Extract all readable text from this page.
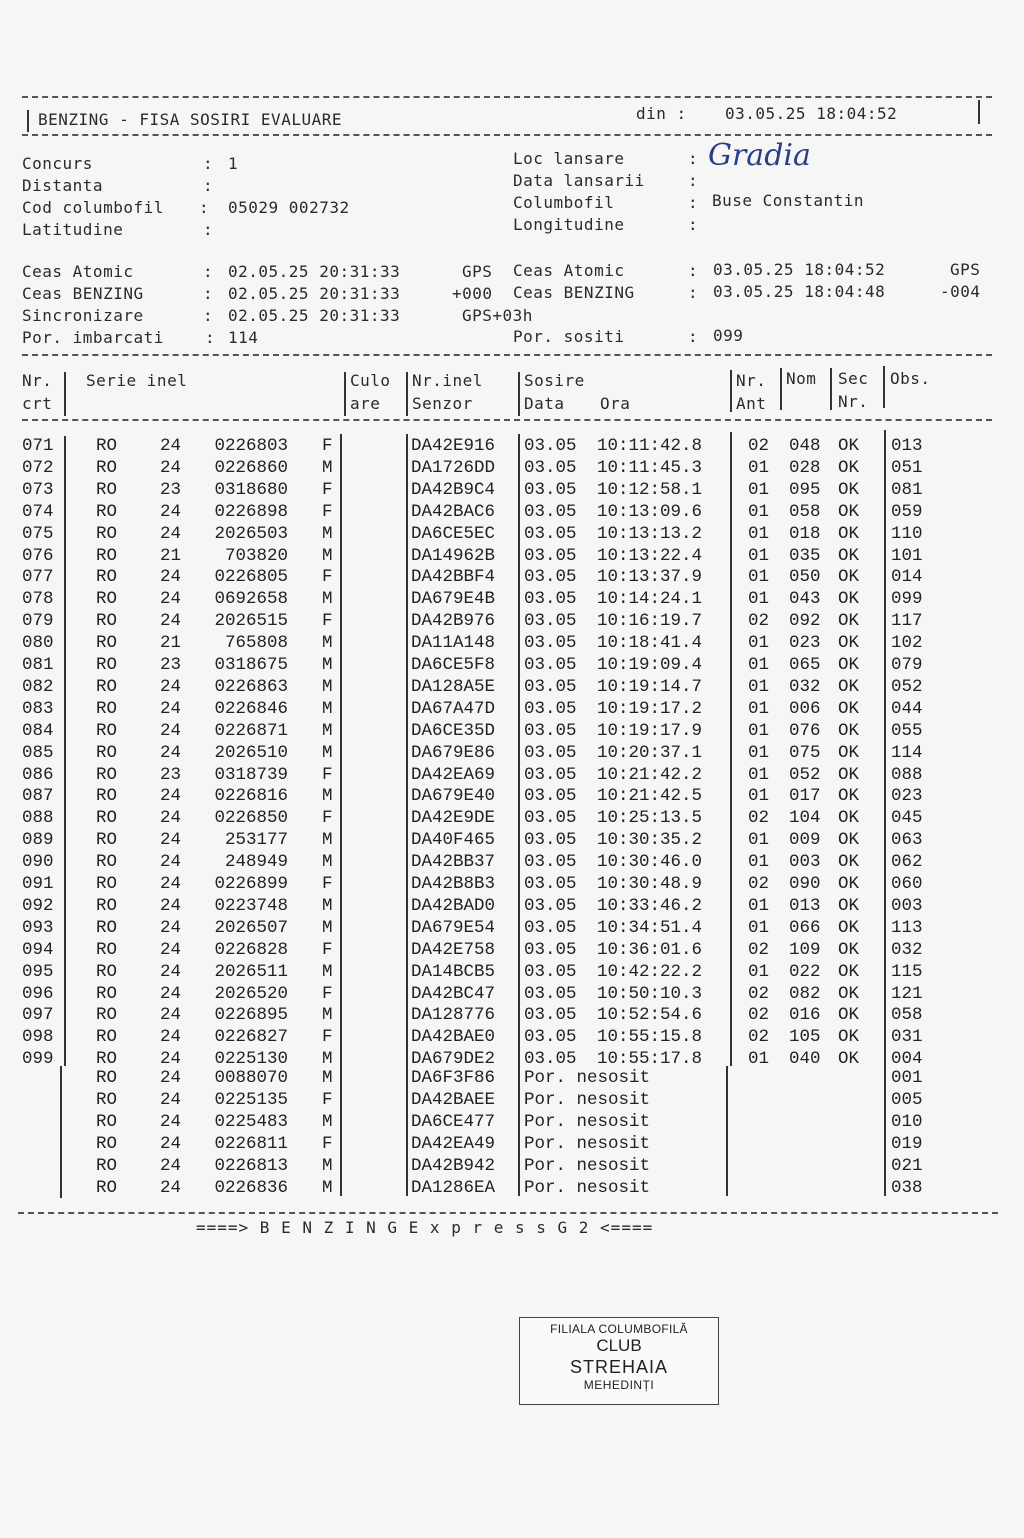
BENZING - FISA SOSIRI EVALUARE	din : 03.05.25 18:04:52
Concurs	: 1
Distanta	:
Cod columbofil : 05029 002732
Latitudine	:
Loc lansare	: Gradia
Data lansarii	:
Columbofil	: Buse Constantin
Longitudine	:
Ceas Atomic	: 02.05.25 20:31:33	GPS
Ceas BENZING	: 02.05.25 20:31:33	+000
Sincronizare	: 02.05.25 20:31:33	GPS+03h
Por. imbarcati	: 114
Ceas Atomic	: 03.05.25 18:04:52	GPS
Ceas BENZING	: 03.05.25 18:04:48	-004
Por. sositi	: 099
Nr.
crt
Serie inel	Culo
are
Nr.inel
Senzor
Sosire
Data Ora
Nr.
Ant
Nom Sec
Nr.
Obs.
071 RO 24	0226803 F	DA42E916 03.05 10:11:42.8	02 048 OK 013
072 RO 24	0226860 M	DA1726DD 03.05 10:11:45.3	01 028 OK 051
073 RO 23	0318680 F	DA42B9C4 03.05 10:12:58.1	01 095 OK 081
074 RO 24	0226898 F	DA42BAC6 03.05 10:13:09.6	01 058 OK 059
075 RO 24	2026503 M	DA6CE5EC 03.05 10:13:13.2	01 018 OK 110
076 RO 21	703820 M	DA14962B 03.05 10:13:22.4	01 035 OK 101
077 RO 24	0226805 F	DA42BBF4 03.05 10:13:37.9	01 050 OK 014
078 RO 24	0692658 M	DA679E4B 03.05 10:14:24.1	01 043 OK 099
079 RO 24	2026515 F	DA42B976 03.05 10:16:19.7	02 092 OK 117
080 RO 21	765808 M	DA11A148 03.05 10:18:41.4	01 023 OK 102
081 RO 23	0318675 M	DA6CE5F8 03.05 10:19:09.4	01 065 OK 079
082 RO 24	0226863 M	DA128A5E 03.05 10:19:14.7	01 032 OK 052
083 RO 24	0226846 M	DA67A47D 03.05 10:19:17.2	01 006 OK 044
084 RO 24	0226871 M	DA6CE35D 03.05 10:19:17.9	01 076 OK 055
085 RO 24	2026510 M	DA679E86 03.05 10:20:37.1	01 075 OK 114
086 RO 23	0318739 F	DA42EA69 03.05 10:21:42.2	01 052 OK 088
087 RO 24	0226816 M	DA679E40 03.05 10:21:42.5	01 017 OK 023
088 RO 24	0226850 F	DA42E9DE 03.05 10:25:13.5	02 104 OK 045
089 RO 24	253177 M	DA40F465 03.05 10:30:35.2	01 009 OK 063
090 RO 24	248949 M	DA42BB37 03.05 10:30:46.0	01 003 OK 062
091 RO 24	0226899 F	DA42B8B3 03.05 10:30:48.9	02 090 OK 060
092 RO 24	0223748 M	DA42BAD0 03.05 10:33:46.2	01 013 OK 003
093 RO 24	2026507 M	DA679E54 03.05 10:34:51.4	01 066 OK 113
094 RO 24	0226828 F	DA42E758 03.05 10:36:01.6	02 109 OK 032
095 RO 24	2026511 M	DA14BCB5 03.05 10:42:22.2	01 022 OK 115
096 RO 24	2026520 F	DA42BC47 03.05 10:50:10.3	02 082 OK 121
097 RO 24	0226895 M	DA128776 03.05 10:52:54.6	02 016 OK 058
098 RO 24	0226827 F	DA42BAE0 03.05 10:55:15.8	02 105 OK 031
099 RO 24	0225130 M	DA679DE2 03.05 10:55:17.8	01 040 OK 004
RO 24	0088070 M	DA6F3F86 Por. nesosit	001
RO 24	0225135 F	DA42BAEE Por. nesosit	005
RO 24	0225483 M	DA6CE477 Por. nesosit	010
RO 24	0226811 F	DA42EA49 Por. nesosit	019
RO 24	0226813 M	DA42B942 Por. nesosit	021
RO 24	0226836 M	DA1286EA Por. nesosit	038
====> B E N Z I N G E x p r e s s G 2 <====
FILIALA COLUMBOFILĂ
CLUB
STREHAIA
MEHEDINȚI
